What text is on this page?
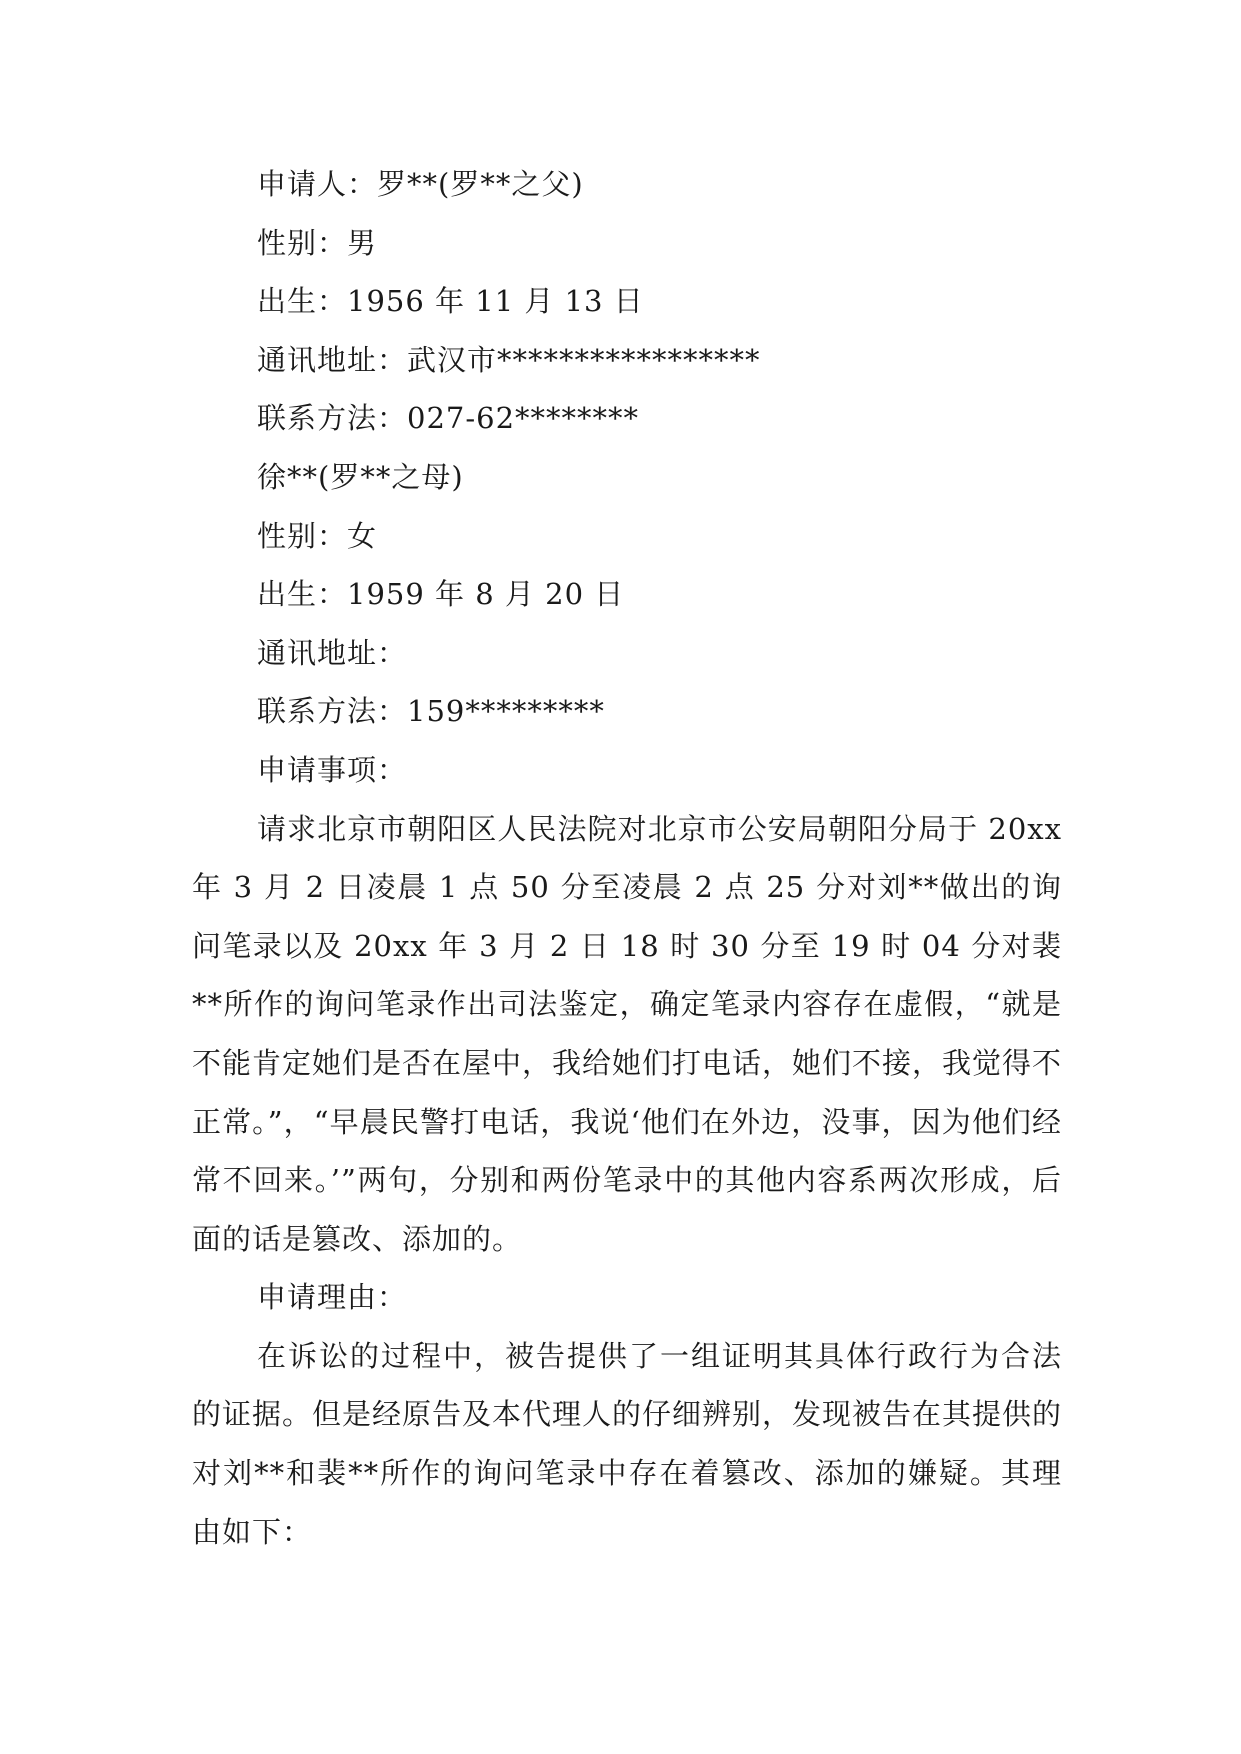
申请人：罗**(罗**之父)
性别：男
出生：1956 年 11 月 13 日
通讯地址：武汉市*****************
联系方法：027-62********
徐**(罗**之母)
性别：女
出生：1959 年 8 月 20 日
通讯地址：
联系方法：159*********
申请事项：

请求北京市朝阳区人民法院对北京市公安局朝阳分局于 20xx 年 3 月 2 日凌晨 1 点 50 分至凌晨 2 点 25 分对刘**做出的询问笔录以及 20xx 年 3 月 2 日 18 时 30 分至 19 时 04 分对裴**所作的询问笔录作出司法鉴定，确定笔录内容存在虚假，“就是不能肯定她们是否在屋中，我给她们打电话，她们不接，我觉得不正常。”，“早晨民警打电话，我说‘他们在外边，没事，因为他们经常不回来。’”两句，分别和两份笔录中的其他内容系两次形成，后面的话是篡改、添加的。

申请理由：

在诉讼的过程中，被告提供了一组证明其具体行政行为合法的证据。但是经原告及本代理人的仔细辨别，发现被告在其提供的对刘**和裴**所作的询问笔录中存在着篡改、添加的嫌疑。其理由如下：
